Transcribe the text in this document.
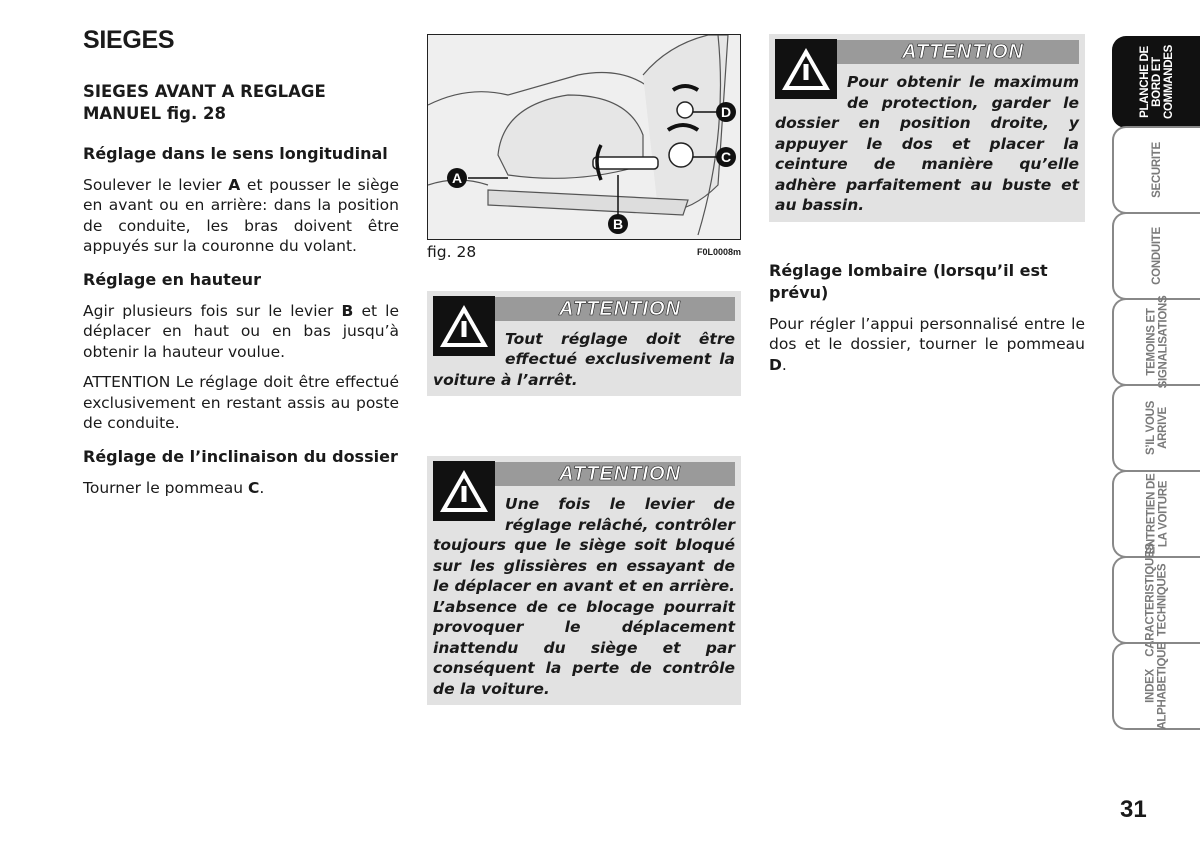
SIEGES
SIEGES AVANT A REGLAGE MANUEL fig. 28
Réglage dans le sens longitudinal

Soulever le levier A et pousser le siège en avant ou en arrière: dans la position de conduite, les bras doivent être appuyés sur la couronne du volant.

Réglage en hauteur

Agir plusieurs fois sur le levier B et le déplacer en haut ou en bas jusqu’à obtenir la hauteur voulue.

ATTENTION Le réglage doit être effectué exclusivement en restant assis au poste de conduite.

Réglage de l’inclinaison du dossier

Tourner le pommeau C.

A
B
C
D
fig. 28	F0L0008m
ATTENTION
Tout réglage doit être effectué exclusivement la voiture à l’arrêt.
ATTENTION
Une fois le levier de réglage relâché, contrôler toujours que le siège soit bloqué sur les glissières en essayant de le déplacer en avant et en arrière. L’absence de ce blocage pourrait provoquer le déplacement inattendu du siège et par conséquent la perte de contrôle de la voiture.
ATTENTION
Pour obtenir le maximum de protection, garder le dossier en position droite, y appuyer le dos et placer la ceinture de manière qu’elle adhère parfaitement au buste et au bassin.
Réglage lombaire (lorsqu’il est prévu)

Pour régler l’appui personnalisé entre le dos et le dossier, tourner le pommeau D.

PLANCHE DE
BORD ET
COMMANDES
SECURITE
CONDUITE
TEMOINS ET
SIGNALISATIONS
S’IL VOUS
ARRIVE
ENTRETIEN DE
LA VOITURE
CARACTERISTIQUES
TECHNIQUES
INDEX
ALPHABETIQUE
31
